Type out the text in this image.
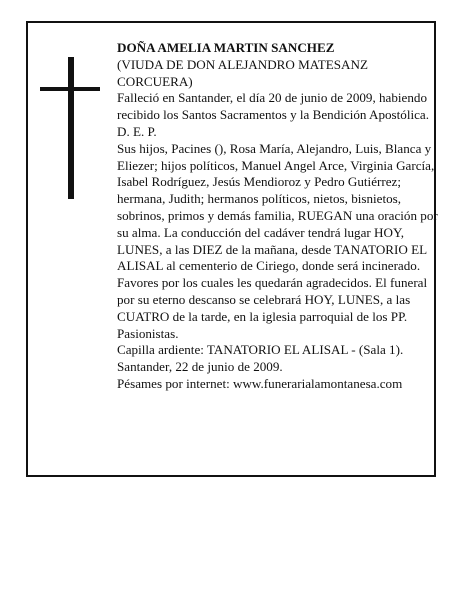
DOÑA AMELIA MARTIN SANCHEZ

(VIUDA DE DON ALEJANDRO MATESANZ CORCUERA)

Falleció en Santander, el día 20 de junio de 2009, habiendo recibido los Santos Sacramentos y la Bendición Apostólica.

D. E. P.

Sus hijos, Pacines (), Rosa María, Alejandro, Luis, Blanca y Eliezer; hijos políticos, Manuel Angel Arce, Virginia García, Isabel Rodríguez, Jesús Mendioroz y Pedro Gutiérrez; hermana, Judith; hermanos políticos, nietos, bisnietos, sobrinos, primos y demás familia, RUEGAN una oración por su alma. La conducción del cadáver tendrá lugar HOY, LUNES, a las DIEZ de la mañana, desde TANATORIO EL ALISAL al cementerio de Ciriego, donde será incinerado. Favores por los cuales les quedarán agradecidos. El funeral por su eterno descanso se celebrará HOY, LUNES, a las CUATRO de la tarde, en la iglesia parroquial de los PP. Pasionistas.

Capilla ardiente: TANATORIO EL ALISAL - (Sala 1).

Santander, 22 de junio de 2009.

Pésames por internet: www.funerarialamontanesa.com
